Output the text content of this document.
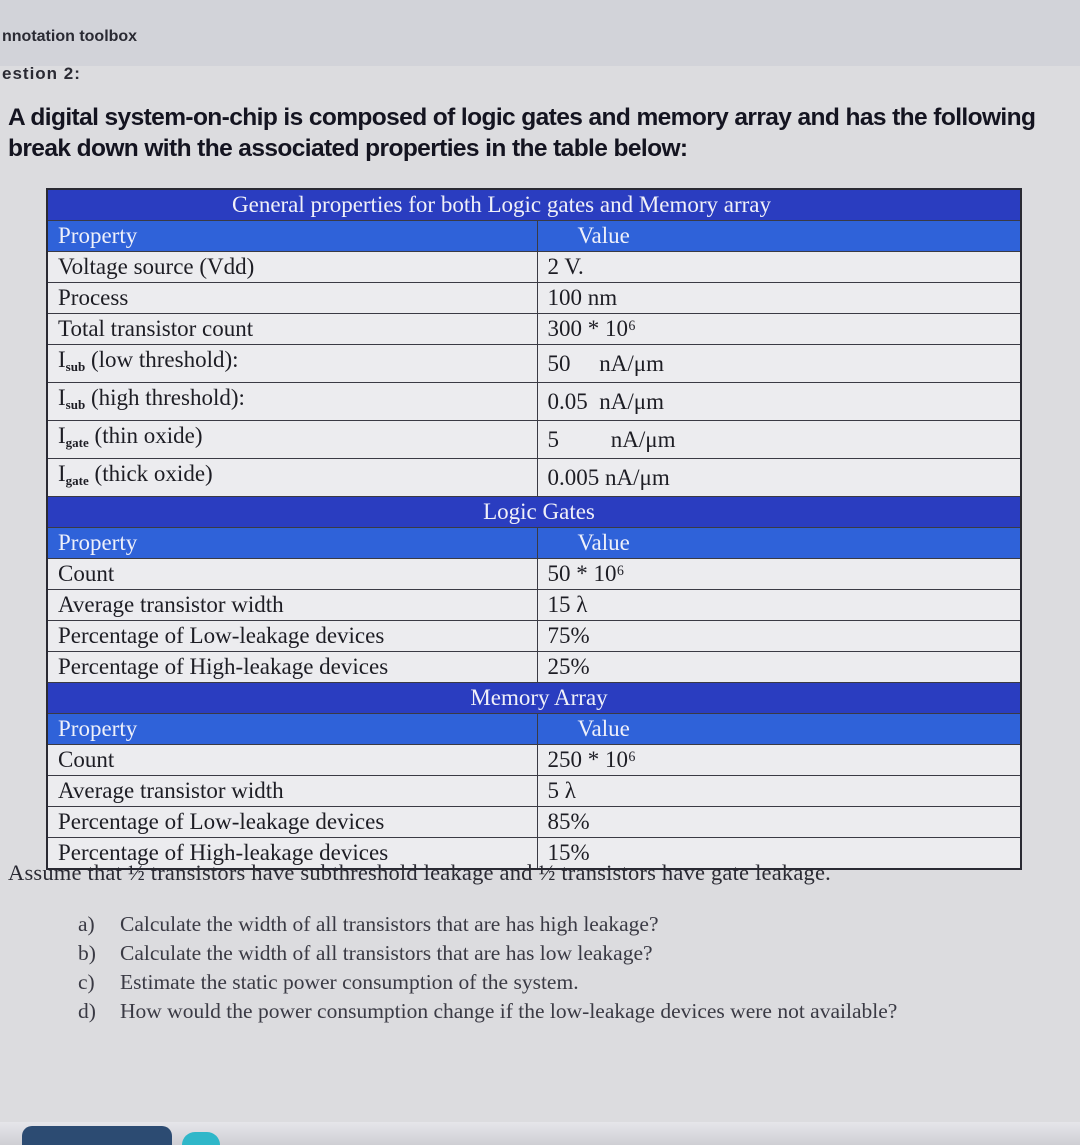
nnotation toolbox
estion 2:
A digital system-on-chip is composed of logic gates and memory array and has the following break down with the associated properties in the table below:
General properties for both Logic gates and Memory array	
Property	Value
Voltage source (Vdd)	2 V.
Process	100 nm
Total transistor count	300 * 10⁶
$I_{sub}$ (low threshold):	50     nA/μm
$I_{sub}$ (high threshold):	0.05  nA/μm
$I_{gate}$ (thin oxide)	5         nA/μm
$I_{gate}$ (thick oxide)	0.005 nA/μm
Logic Gates	
Property	Value
Count	50 * 10⁶
Average transistor width	15 λ
Percentage of Low-leakage devices	75%
Percentage of High-leakage devices	25%
Memory Array	
Property	Value
Count	250 * 10⁶
Average transistor width	5 λ
Percentage of Low-leakage devices	85%
Percentage of High-leakage devices	15%
Assume that ½ transistors have subthreshold leakage and ½ transistors have gate leakage.
a)	Calculate the width of all transistors that are has high leakage?
b)	Calculate the width of all transistors that are has low leakage?
c)	Estimate the static power consumption of the system.
d)	How would the power consumption change if the low-leakage devices were not available?
